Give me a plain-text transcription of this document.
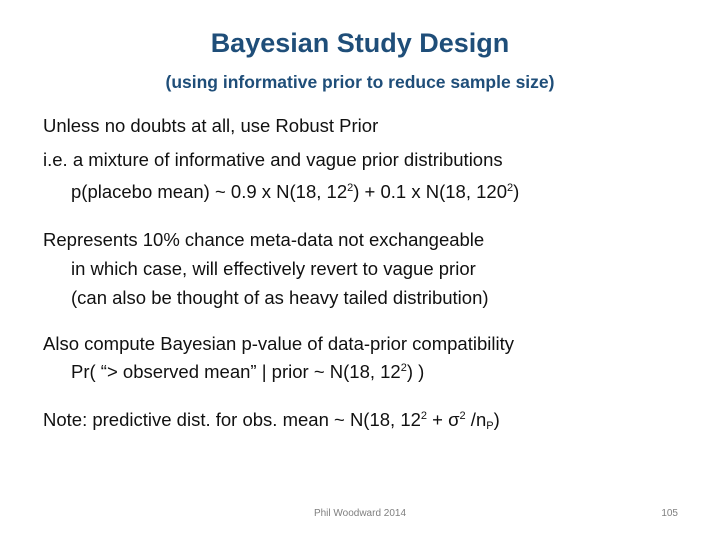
Bayesian Study Design
(using informative prior to reduce sample size)
Unless no doubts at all, use Robust Prior
i.e. a mixture of informative and vague prior distributions
p(placebo mean) ~ 0.9 x N(18, $12^2) + 0.1$ x N(18, $120^2$)
Represents 10% chance meta-data not exchangeable
in which case, will effectively revert to vague prior
(can also be thought of as heavy tailed distribution)
Also compute Bayesian p-value of data-prior compatibility
Pr( “> observed mean” | prior ~ N(18, $12^2$) )
Note: predictive dist. for obs. mean ~ N(18, $12^2 + \sigma^2$ $/n_P$)
Phil Woodward 2014	105
